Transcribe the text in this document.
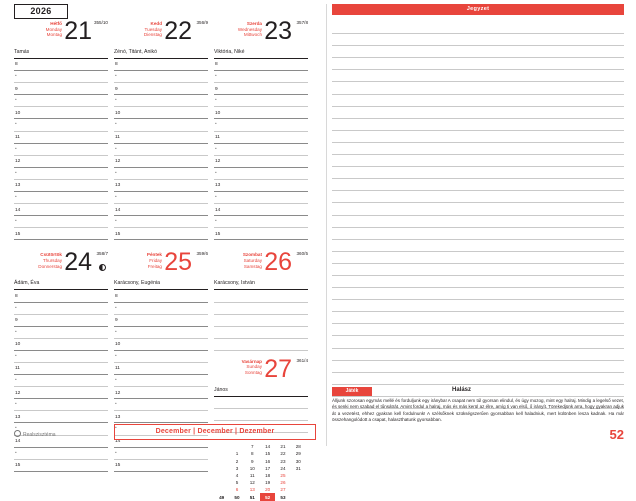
2026
Hétfő
Monday
Montag 21 355/10
Tamás
8
•
9
•
10
•
11
•
12
•
13
•
14
•
15
Kedd
Tuesday
Dienstag 22 356/9
Zénó, Titánt, Anikó
8
•
9
•
10
•
11
•
12
•
13
•
14
•
15
Szerda
Wednesday
Mittwoch 23 357/8
Viktória, Niké
8
•
9
•
10
•
11
•
12
•
13
•
14
•
15
Csütörtök
Thursday
Donnerstag 24 358/7
Ádám, Éva
8
•
9
•
10
•
11
•
12
•
13
•
14
•
15
Péntek
Friday
Freitag 25 359/6
Karácsony, Eugénia
8
•
9
•
10
•
11
•
12
•
13
•
14
•
15
Szombat
Saturday
Samstag 26 360/5
Karácsony, István
Vasárnap
Sunday
Sonntag 27 361/4
János
		7	14	21	28
	1	8	15	22	29
	2	9	16	23	30
	3	10	17	24	31
	4	11	18	25	
	5	12	19	26	
	6	13	20	27	
49	50	51	52	53	
Realszisztéma	December | December | Dezember
Jegyzet
Játék	Halász
Álljunk szorosan egymás mellé és forduljunk egy irányba! A csapat nem túl gyorsan elindul, és úgy mozog, mint egy halraj. Mindig a legelső vezet, és senki nem szabad el tűnsátrát. Amint fordul a halraj, más és más kerül az élre, amíg ti van első, ő irányít. Törekedjünk arra, hogy gyakran adjuk át a vezetést, ehhez gyakran kell fordulnunk! A szélsőknek szükségszerűen gyorsabban kell haladniuk, mert különben lesza kadnak. Ha már összehangolódott a csapat, halaszthatunk gyorsabban.
52
